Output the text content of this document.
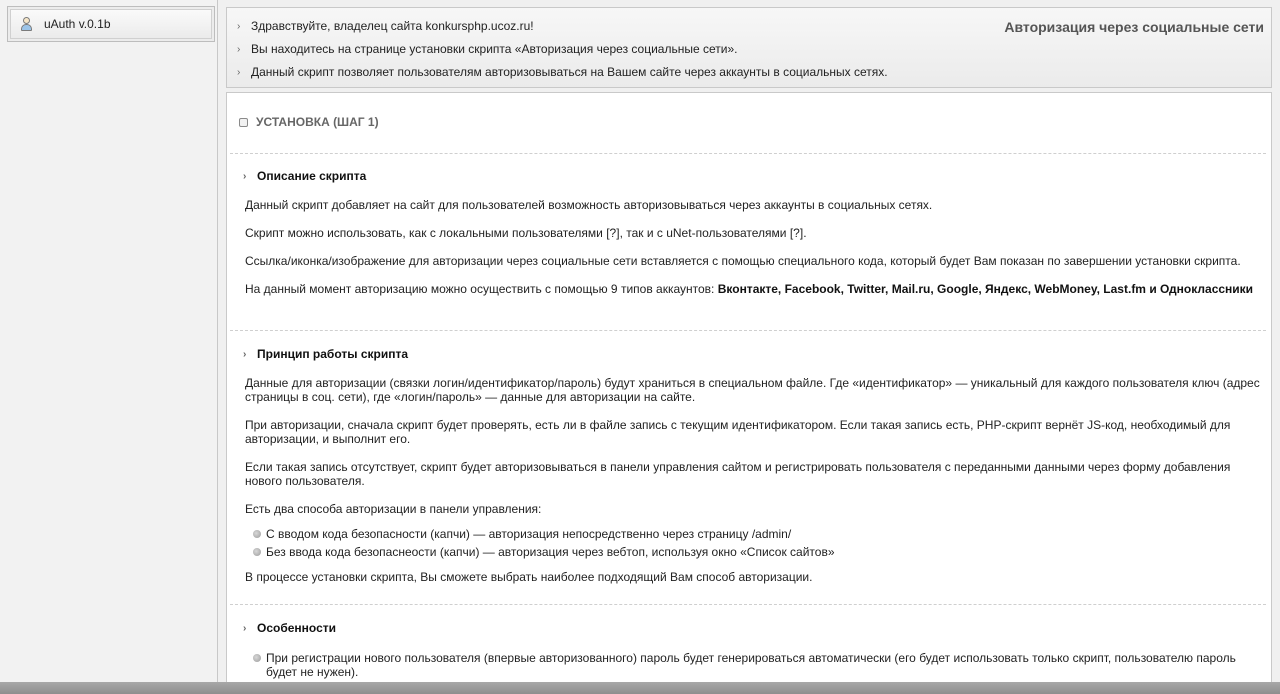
uAuth v.0.1b	› Здравствуйте, владелец сайта konkursphp.ucoz.ru!
› Вы находитесь на странице установки скрипта «Авторизация через социальные сети».
› Данный скрипт позволяет пользователям авторизовываться на Вашем сайте через аккаунты в социальных сетях.
Авторизация через социальные сети
УСТАНОВКА (ШАГ 1)
› Описание скрипта
Данный скрипт добавляет на сайт для пользователей возможность авторизовываться через аккаунты в социальных сетях.
Скрипт можно использовать, как с локальными пользователями [?], так и с uNet-пользователями [?].
Ссылка/иконка/изображение для авторизации через социальные сети вставляется с помощью специального кода, который будет Вам показан по завершении установки скрипта.
На данный момент авторизацию можно осуществить с помощью 9 типов аккаунтов: Вконтакте, Facebook, Twitter, Mail.ru, Google, Яндекс, WebMoney, Last.fm и Одноклассники
› Принцип работы скрипта
Данные для авторизации (связки логин/идентификатор/пароль) будут храниться в специальном файле. Где «идентификатор» — уникальный для каждого пользователя ключ (адрес страницы в соц. сети), где «логин/пароль» — данные для авторизации на сайте.
При авторизации, сначала скрипт будет проверять, есть ли в файле запись с текущим идентификатором. Если такая запись есть, PHP-скрипт вернёт JS-код, необходимый для авторизации, и выполнит его.
Если такая запись отсутствует, скрипт будет авторизовываться в панели управления сайтом и регистрировать пользователя с переданными данными через форму добавления нового пользователя.
Есть два способа авторизации в панели управления:
С вводом кода безопасности (капчи) — авторизация непосредственно через страницу /admin/
Без ввода кода безопаснеости (капчи) — авторизация через вебтоп, используя окно «Список сайтов»
В процессе установки скрипта, Вы сможете выбрать наиболее подходящий Вам способ авторизации.
› Особенности
При регистрации нового пользователя (впервые авторизованного) пароль будет генерироваться автоматически (его будет использовать только скрипт, пользователю пароль будет не нужен).
